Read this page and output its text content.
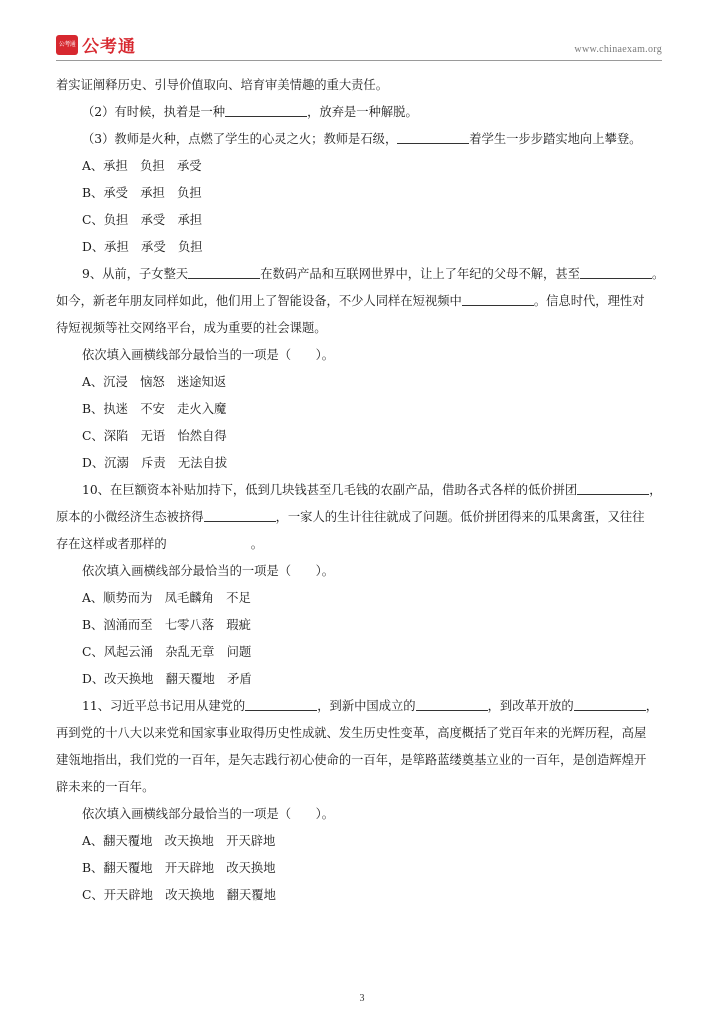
公考通 公考通	www.chinaexam.org
着实证阐释历史、引导价值取向、培育审美情趣的重大责任。
（2）有时候，执着是一种	，放弃是一种解脱。
（3）教师是火种，点燃了学生的心灵之火；教师是石级，	着学生一步步踏实地向上攀登。
A、承担　负担　承受
B、承受　承担　负担
C、负担　承受　承担
D、承担　承受　负担
9、从前，子女整天	在数码产品和互联网世界中，让上了年纪的父母不解，甚至	。
如今，新老年朋友同样如此，他们用上了智能设备，不少人同样在短视频中	。信息时代，理性对
待短视频等社交网络平台，成为重要的社会课题。
依次填入画横线部分最恰当的一项是（　　）。
A、沉浸　恼怒　迷途知返
B、执迷　不安　走火入魔
C、深陷　无语　怡然自得
D、沉溺　斥责　无法自拔
10、在巨额资本补贴加持下，低到几块钱甚至几毛钱的农副产品，借助各式各样的低价拼团	，
原本的小微经济生态被挤得	，一家人的生计往往就成了问题。低价拼团得来的瓜果禽蛋，又往往
存在这样或者那样的	。
依次填入画横线部分最恰当的一项是（　　）。
A、顺势而为　凤毛麟角　不足
B、汹涌而至　七零八落　瑕疵
C、风起云涌　杂乱无章　问题
D、改天换地　翻天覆地　矛盾
11、习近平总书记用从建党的	，到新中国成立的	，到改革开放的	，
再到党的十八大以来党和国家事业取得历史性成就、发生历史性变革，高度概括了党百年来的光辉历程，高屋
建瓴地指出，我们党的一百年，是矢志践行初心使命的一百年，是筚路蓝缕奠基立业的一百年，是创造辉煌开
辟未来的一百年。
依次填入画横线部分最恰当的一项是（　　）。
A、翻天覆地　改天换地　开天辟地
B、翻天覆地　开天辟地　改天换地
C、开天辟地　改天换地　翻天覆地
3
